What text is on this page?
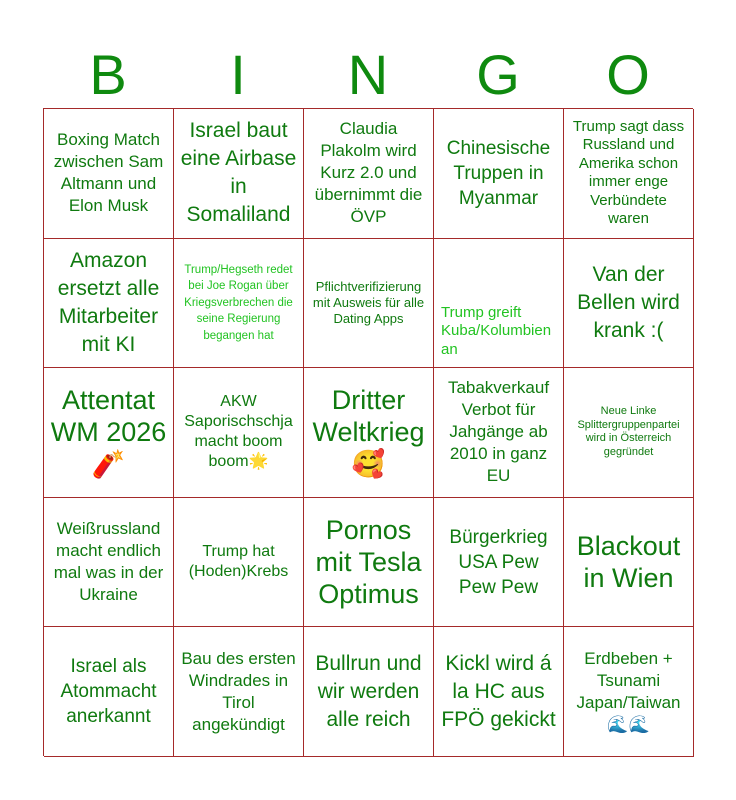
B	I	N	G	O
Boxing Match zwischen Sam Altmann und Elon Musk
Israel baut eine Airbase in Somaliland
Claudia Plakolm wird Kurz 2.0 und übernimmt die ÖVP
Chinesische Truppen in Myanmar
Trump sagt dass Russland und Amerika schon immer enge Verbündete waren
Amazon ersetzt alle Mitarbeiter mit KI
Trump/Hegseth redet bei Joe Rogan über Kriegsverbrechen die seine Regierung begangen hat
Pflichtverifizierung mit Ausweis für alle Dating Apps	Trump greift Kuba/Kolumbien an
Van der Bellen wird krank :(
Attentat WM 2026 🧨
AKW Saporischschja macht boom boom🌟
Dritter Weltkrieg 🥰
Tabakverkauf Verbot für Jahgänge ab 2010 in ganz EU
Neue Linke Splittergruppenpartei wird in Österreich gegründet
Weißrussland macht endlich mal was in der Ukraine
Trump hat (Hoden)Krebs
Pornos mit Tesla Optimus
Bürgerkrieg USA Pew Pew Pew
Blackout in Wien
Israel als Atommacht anerkannt
Bau des ersten Windrades in Tirol angekündigt
Bullrun und wir werden alle reich
Kickl wird á la HC aus FPÖ gekickt
Erdbeben + Tsunami Japan/Taiwan 🌊🌊
